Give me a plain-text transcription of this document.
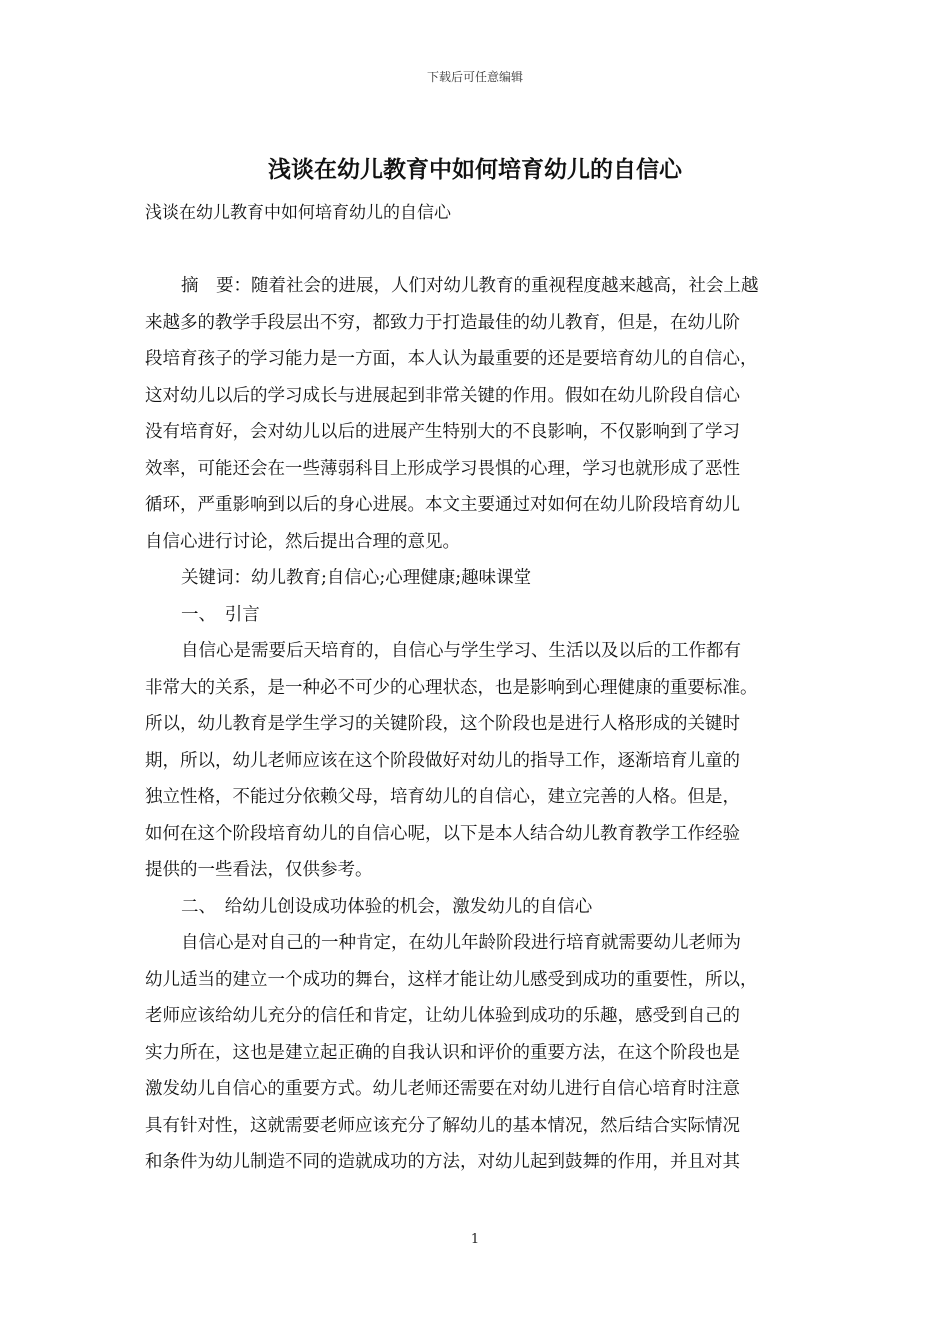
下载后可任意编辑
浅谈在幼儿教育中如何培育幼儿的自信心

浅谈在幼儿教育中如何培育幼儿的自信心

摘　要：随着社会的进展，人们对幼儿教育的重视程度越来越高，社会上越
来越多的教学手段层出不穷，都致力于打造最佳的幼儿教育，但是，在幼儿阶
段培育孩子的学习能力是一方面，本人认为最重要的还是要培育幼儿的自信心，
这对幼儿以后的学习成长与进展起到非常关键的作用。假如在幼儿阶段自信心
没有培育好，会对幼儿以后的进展产生特别大的不良影响，不仅影响到了学习
效率，可能还会在一些薄弱科目上形成学习畏惧的心理，学习也就形成了恶性
循环，严重影响到以后的身心进展。本文主要通过对如何在幼儿阶段培育幼儿
自信心进行讨论，然后提出合理的意见。
关键词：幼儿教育;自信心;心理健康;趣味课堂
一、　引言
自信心是需要后天培育的，自信心与学生学习、生活以及以后的工作都有
非常大的关系，是一种必不可少的心理状态，也是影响到心理健康的重要标准。
所以，幼儿教育是学生学习的关键阶段，这个阶段也是进行人格形成的关键时
期，所以，幼儿老师应该在这个阶段做好对幼儿的指导工作，逐渐培育儿童的
独立性格，不能过分依赖父母，培育幼儿的自信心，建立完善的人格。但是，
如何在这个阶段培育幼儿的自信心呢，以下是本人结合幼儿教育教学工作经验
提供的一些看法，仅供参考。
二、　给幼儿创设成功体验的机会，激发幼儿的自信心
自信心是对自己的一种肯定，在幼儿年龄阶段进行培育就需要幼儿老师为
幼儿适当的建立一个成功的舞台，这样才能让幼儿感受到成功的重要性，所以，
老师应该给幼儿充分的信任和肯定，让幼儿体验到成功的乐趣，感受到自己的
实力所在，这也是建立起正确的自我认识和评价的重要方法，在这个阶段也是
激发幼儿自信心的重要方式。幼儿老师还需要在对幼儿进行自信心培育时注意
具有针对性，这就需要老师应该充分了解幼儿的基本情况，然后结合实际情况
和条件为幼儿制造不同的造就成功的方法，对幼儿起到鼓舞的作用，并且对其
1
